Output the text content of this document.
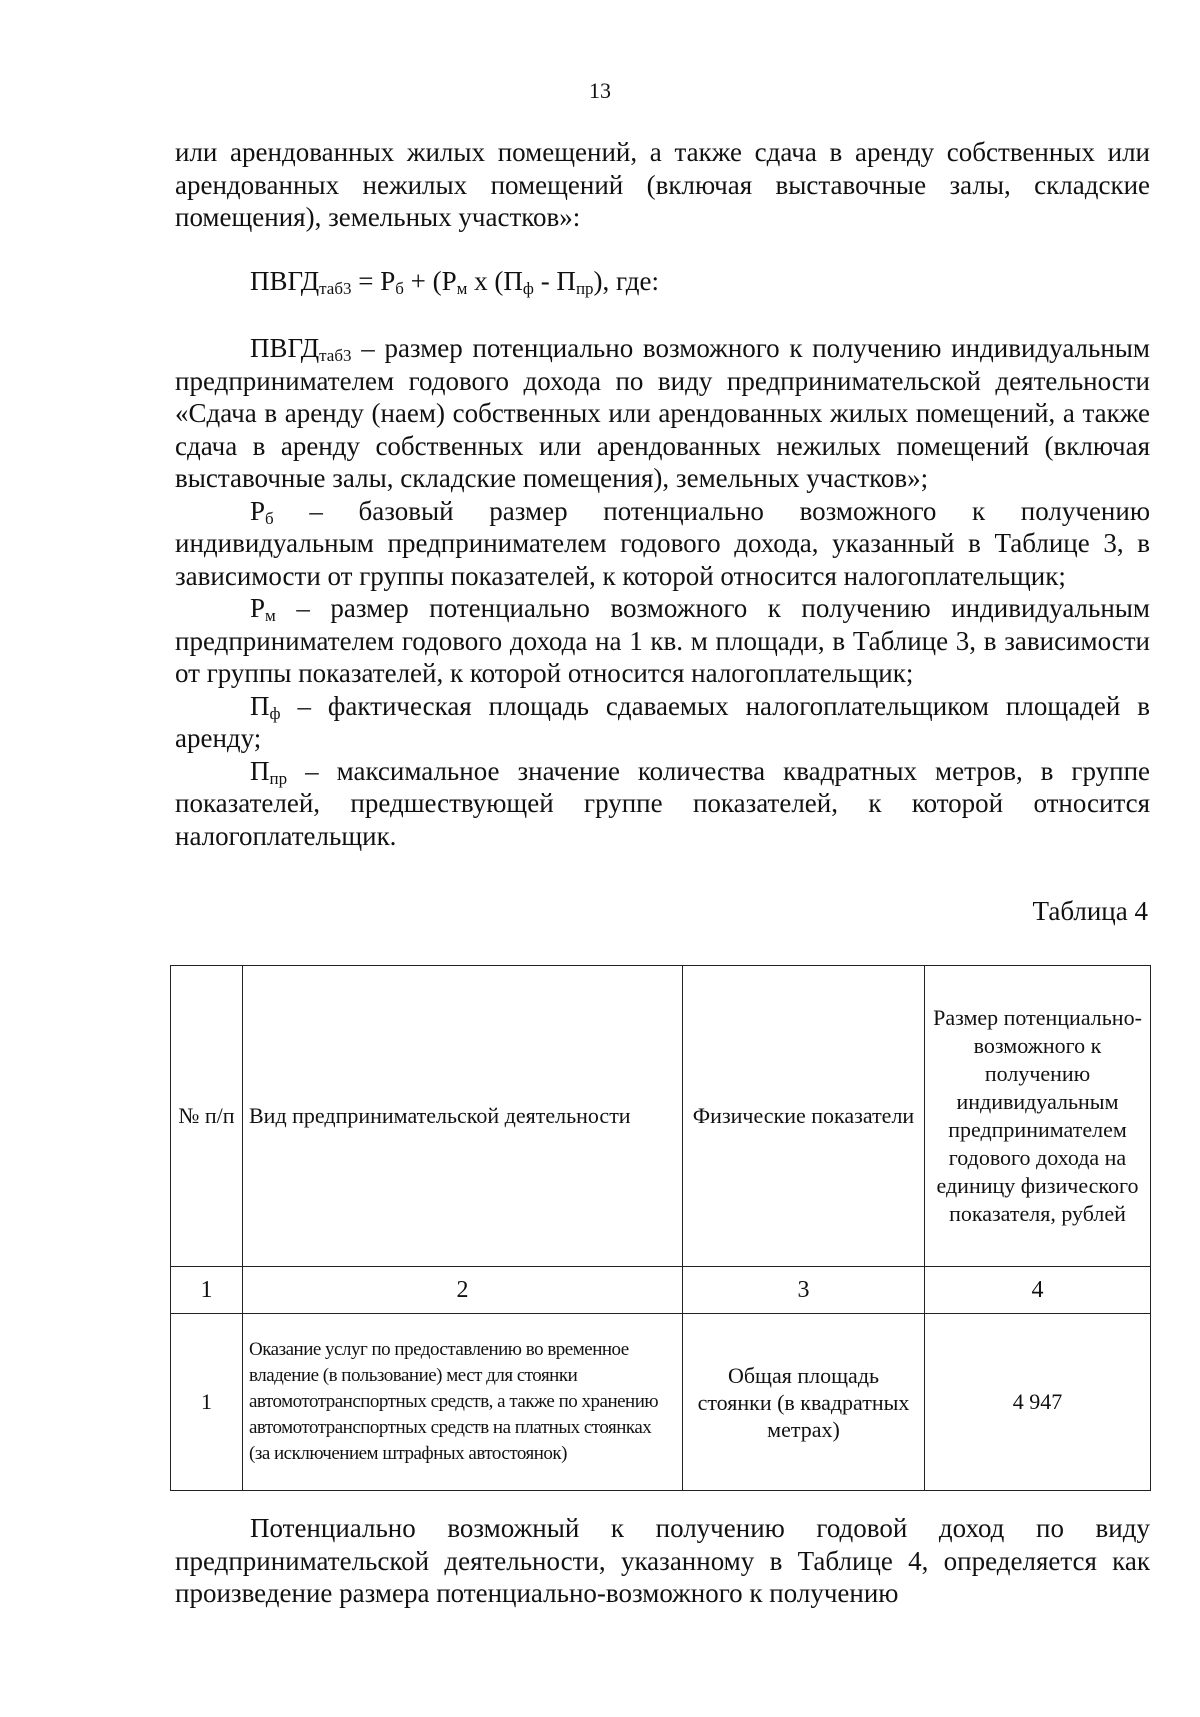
13

или арендованных жилых помещений, а также сдача в аренду собственных или арендованных нежилых помещений (включая выставочные залы, складские помещения), земельных участков»:

$ПВГД_{таб3} = Р_б + (Р_м$ х $(П_ф - П_{пр})$, где:

$ПВГД_{таб3}$ – размер потенциально возможного к получению индивидуальным предпринимателем годового дохода по виду предпринимательской деятельности «Сдача в аренду (наем) собственных или арендованных жилых помещений, а также сдача в аренду собственных или арендованных нежилых помещений (включая выставочные залы, складские помещения), земельных участков»;

$Р_б$ – базовый размер потенциально возможного к получению индивидуальным предпринимателем годового дохода, указанный в Таблице 3, в зависимости от группы показателей, к которой относится налогоплательщик;

$Р_м$ – размер потенциально возможного к получению индивидуальным предпринимателем годового дохода на 1 кв. м площади, в Таблице 3, в зависимости от группы показателей, к которой относится налогоплательщик;

$П_ф$ – фактическая площадь сдаваемых налогоплательщиком площадей в аренду;

$П_{пр}$ – максимальное значение количества квадратных метров, в группе показателей, предшествующей группе показателей, к которой относится налогоплательщик.

Таблица 4
№ п/п	Вид предпринимательской деятельности	Физические показатели	Размер потенциально-возможного к получению индивидуальным предпринимателем годового дохода на единицу физического показателя, рублей
1	2	3	4
1	Оказание услуг по предоставлению во временное владение (в пользование) мест для стоянки автомототранспортных средств, а также по хранению автомототранспортных средств на платных стоянках (за исключением штрафных автостоянок)	Общая площадь стоянки (в квадратных метрах)	4 947

Потенциально возможный к получению годовой доход по виду предпринимательской деятельности, указанному в Таблице 4, определяется как произведение размера потенциально-возможного к получению
